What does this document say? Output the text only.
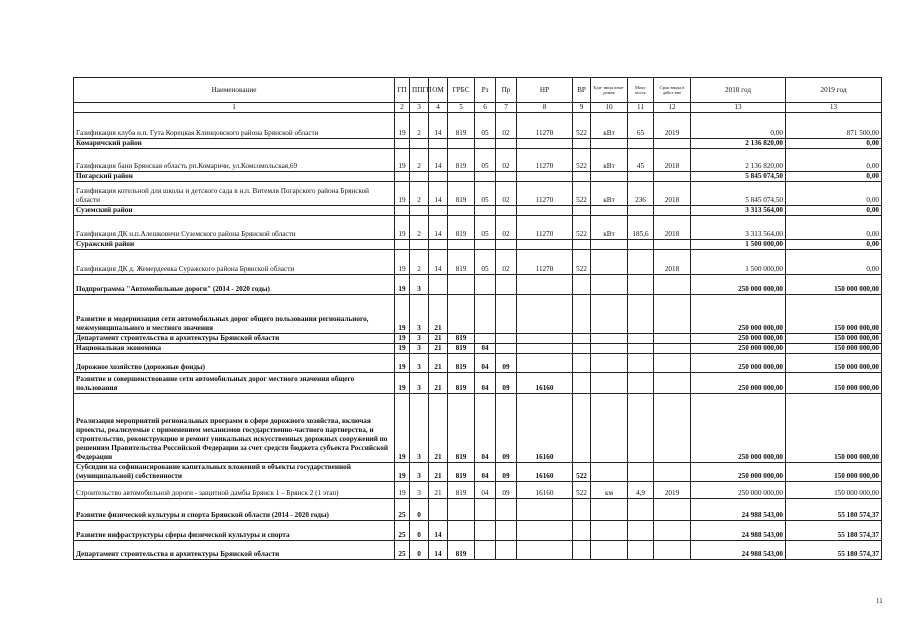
Наименование	ГП	ППГП	ОМ	ГРБС	Рз	Пр	НР	ВР	Еди- ница изме- рения	Мощ- ность	Срок ввода в дейст вие	2018 год	2019 год
1	2	3	4	5	6	7	8	9	10	11	12	13	13
Газификация клуба н.п. Гута Корецкая Клинцовского района Брянской области	19	2	14	819	05	02	11270	522	кВт	65	2019	0,00	871 500,00
Комаричский район												2 136 820,00	0,00
Газификация бани Брянская область рп.Комаричи, ул.Комсомольская,69	19	2	14	819	05	02	11270	522	кВт	45	2018	2 136 820,00	0,00
Погарский район												5 845 074,50	0,00
Газификация котельной для школы и детского сада в н.п. Витемля Погарского района Брянской области	19	2	14	819	05	02	11270	522	кВт	236	2018	5 845 074,50	0,00
Суземский район												3 313 564,00	0,00
Газификация ДК н.п.Алешковичи Суземского района Брянской области	19	2	14	819	05	02	11270	522	кВт	185,6	2018	3 313 564,00	0,00
Суражский район												1 500 000,00	0,00
Газификация ДК д. Жемердеевка Суражского района Брянской области	19	2	14	819	05	02	11270	522			2018	1 500 000,00	0,00
Подпрограмма "Автомобильные дороги" (2014 - 2020 годы)	19	3										250 000 000,00	150 000 000,00
Развитие и модернизация сети автомобильных дорог общего пользования регионального, межмуниципального и местного значения	19	3	21									250 000 000,00	150 000 000,00
Департамент строительства и архитектуры Брянской области	19	3	21	819								250 000 000,00	150 000 000,00
Национальная экономика	19	3	21	819	04							250 000 000,00	150 000 000,00
Дорожное хозяйство (дорожные фонды)	19	3	21	819	04	09						250 000 000,00	150 000 000,00
Развитие и совершенствование сети автомобильных дорог местного значения общего пользования	19	3	21	819	04	09	16160					250 000 000,00	150 000 000,00
Реализация мероприятий региональных программ в сфере дорожного хозяйства, включая проекты, реализуемые с применением механизмов государственно-частного партнерства, и строительство, реконструкцию и ремонт уникальных искусственных дорожных сооружений по решениям Правительства Российской Федерации за счет средств бюджета субъекта Российской Федерации	19	3	21	819	04	09	16160					250 000 000,00	150 000 000,00
Субсидии на софинансирование капитальных вложений в объекты государственной (муниципальной) собственности	19	3	21	819	04	09	16160	522				250 000 000,00	150 000 000,00
Строительство автомобильной дороги - защитной дамбы Брянск 1 – Брянск 2 (1 этап)	19	3	21	819	04	09	16160	522	км	4,9	2019	250 000 000,00	150 000 000,00
Развитие физической культуры и спорта Брянской области (2014 - 2020 годы)	25	0										24 988 543,00	55 180 574,37
Развитие инфраструктуры сферы физической культуры и спорта	25	0	14									24 988 543,00	55 180 574,37
Департамент строительства и архитектуры Брянской области	25	0	14	819								24 988 543,00	55 180 574,37
11
